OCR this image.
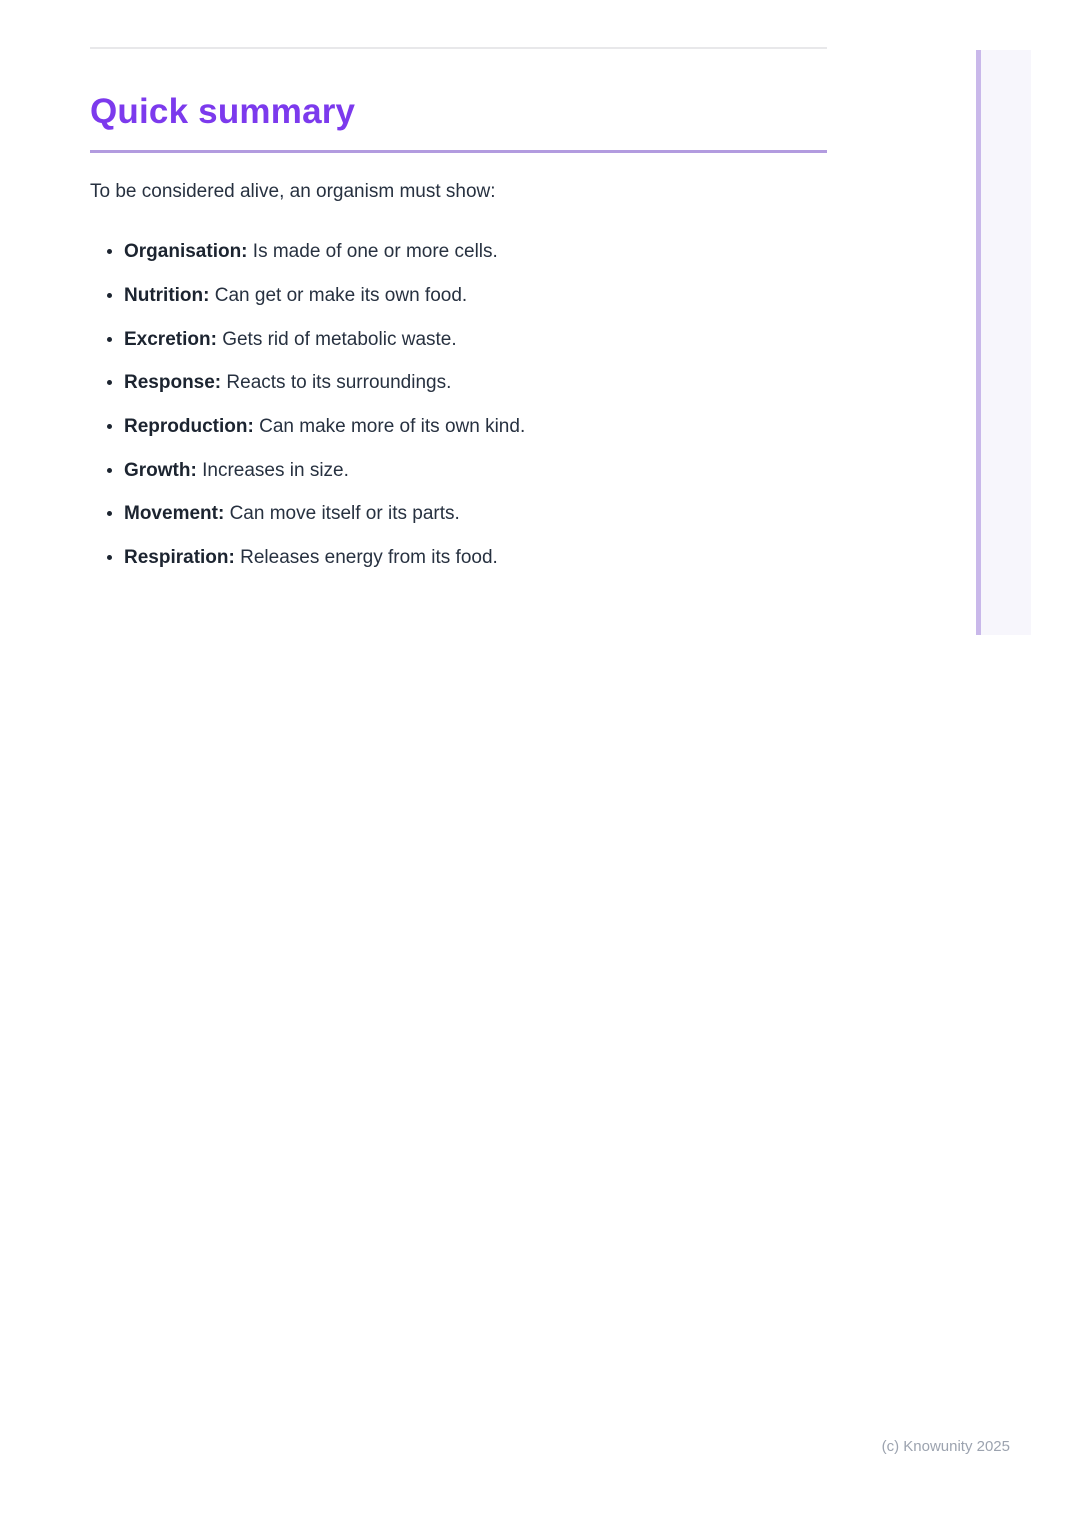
Quick summary

To be considered alive, an organism must show:

• Organisation: Is made of one or more cells.
• Nutrition: Can get or make its own food.
• Excretion: Gets rid of metabolic waste.
• Response: Reacts to its surroundings.
• Reproduction: Can make more of its own kind.
• Growth: Increases in size.
• Movement: Can move itself or its parts.
• Respiration: Releases energy from its food.
(c) Knowunity 2025
